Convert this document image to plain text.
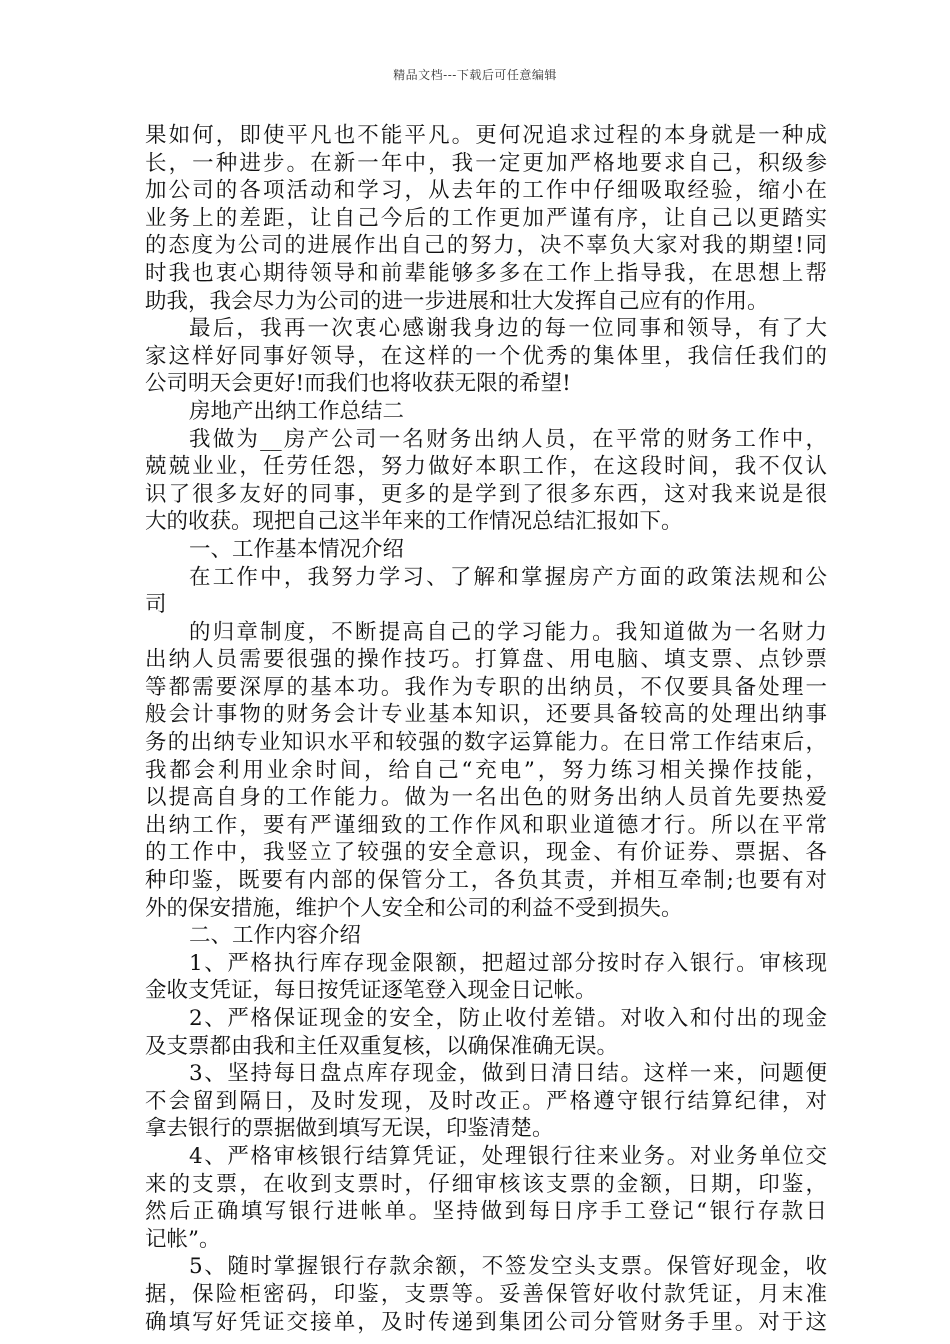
精品文档---下载后可任意编辑
果如何，即使平凡也不能平凡。更何况追求过程的本身就是一种成
长，一种进步。在新一年中，我一定更加严格地要求自己，积级参
加公司的各项活动和学习，从去年的工作中仔细吸取经验，缩小在
业务上的差距，让自己今后的工作更加严谨有序，让自己以更踏实
的态度为公司的进展作出自己的努力，决不辜负大家对我的期望!同
时我也衷心期待领导和前辈能够多多在工作上指导我，在思想上帮
助我，我会尽力为公司的进一步进展和壮大发挥自己应有的作用。
最后，我再一次衷心感谢我身边的每一位同事和领导，有了大
家这样好同事好领导，在这样的一个优秀的集体里，我信任我们的
公司明天会更好!而我们也将收获无限的希望!
房地产出纳工作总结二
我做为__房产公司一名财务出纳人员，在平常的财务工作中，
兢兢业业，任劳任怨，努力做好本职工作，在这段时间，我不仅认
识了很多友好的同事，更多的是学到了很多东西，这对我来说是很
大的收获。现把自己这半年来的工作情况总结汇报如下。
一、工作基本情况介绍
在工作中，我努力学习、了解和掌握房产方面的政策法规和公
司
的归章制度，不断提高自己的学习能力。我知道做为一名财力
出纳人员需要很强的操作技巧。打算盘、用电脑、填支票、点钞票
等都需要深厚的基本功。我作为专职的出纳员，不仅要具备处理一
般会计事物的财务会计专业基本知识，还要具备较高的处理出纳事
务的出纳专业知识水平和较强的数字运算能力。在日常工作结束后，
我都会利用业余时间，给自己“充电”，努力练习相关操作技能，
以提高自身的工作能力。做为一名出色的财务出纳人员首先要热爱
出纳工作，要有严谨细致的工作作风和职业道德才行。所以在平常
的工作中，我竖立了较强的安全意识，现金、有价证券、票据、各
种印鉴，既要有内部的保管分工，各负其责，并相互牵制;也要有对
外的保安措施，维护个人安全和公司的利益不受到损失。
二、工作内容介绍
1、严格执行库存现金限额，把超过部分按时存入银行。审核现
金收支凭证，每日按凭证逐笔登入现金日记帐。
2、严格保证现金的安全，防止收付差错。对收入和付出的现金
及支票都由我和主任双重复核，以确保准确无误。
3、坚持每日盘点库存现金，做到日清日结。这样一来，问题便
不会留到隔日，及时发现，及时改正。严格遵守银行结算纪律，对
拿去银行的票据做到填写无误，印鉴清楚。
4、严格审核银行结算凭证，处理银行往来业务。对业务单位交
来的支票，在收到支票时，仔细审核该支票的金额，日期，印鉴，
然后正确填写银行进帐单。坚持做到每日序手工登记“银行存款日
记帐”。
5、随时掌握银行存款余额，不签发空头支票。保管好现金，收
据，保险柜密码，印鉴，支票等。妥善保管好收付款凭证，月末准
确填写好凭证交接单，及时传递到集团公司分管财务手里。对于这
